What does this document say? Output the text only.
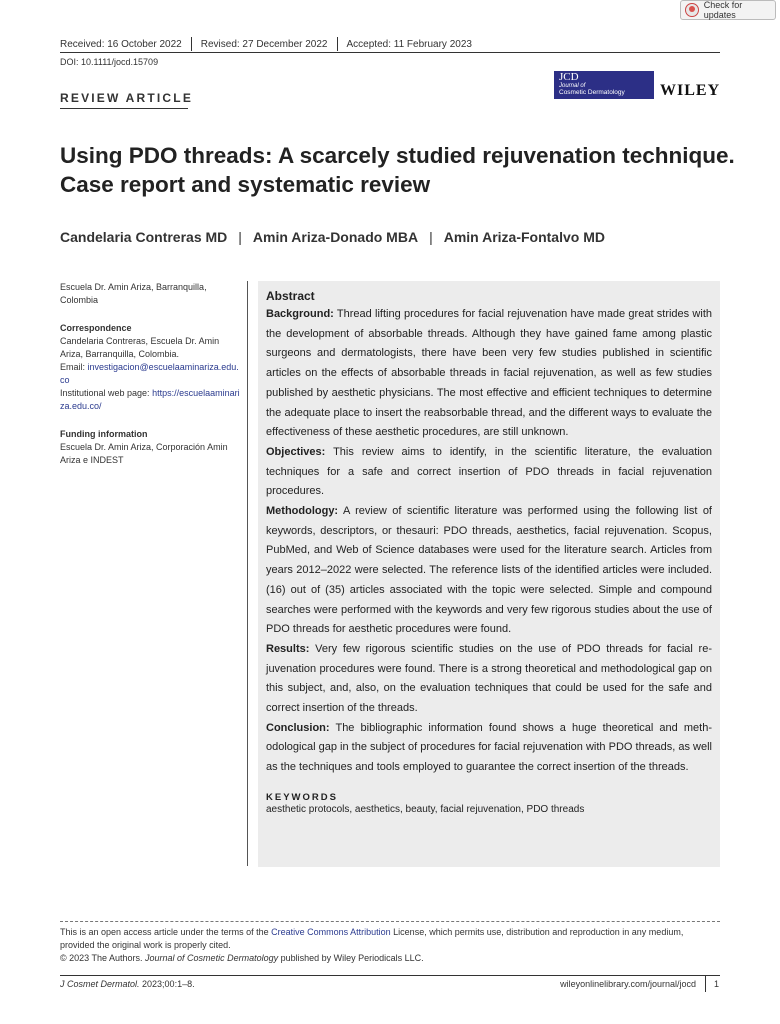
Check for updates
Received: 16 October 2022 Revised: 27 December 2022 Accepted: 11 February 2023
DOI: 10.1111/jocd.15709
REVIEW ARTICLE
JCD
Journal of
Cosmetic Dermatology	WILEY
Using PDO threads: A scarcely studied rejuvenation technique.
Case report and systematic review
Candelaria Contreras MD | Amin Ariza-Donado MBA | Amin Ariza-Fontalvo MD

Escuela Dr. Amin Ariza, Barranquilla, Colombia

Correspondence

Candelaria Contreras, Escuela Dr. Amin Ariza, Barranquilla, Colombia.

Email: investigacion@escuelaaminariza.edu.co

Institutional web page: https://escuelaaminariza.edu.co/

Funding information

Escuela Dr. Amin Ariza, Corporación Amin Ariza e INDEST

Abstract

Background: Thread lifting procedures for facial rejuvenation have made great strides with the development of absorbable threads. Although they have gained fame among plastic surgeons and dermatologists, there have been very few studies published in scientific articles on the effects of absorbable threads in facial rejuvenation, as well as few studies published by aesthetic physicians. The most effective and efficient techniques to determine the adequate place to insert the reabsorbable thread, and the different ways to evaluate the effectiveness of these aesthetic procedures, are still unknown.

Objectives: This review aims to identify, in the scientific literature, the evaluation techniques for a safe and correct insertion of PDO threads in facial rejuvenation procedures.

Methodology: A review of scientific literature was performed using the following list of keywords, descriptors, or thesauri: PDO threads, aesthetics, facial rejuvenation. Scopus, PubMed, and Web of Science databases were used for the literature search. Articles from years 2012–2022 were selected. The reference lists of the identified articles were included. (16) out of (35) articles associated with the topic were selected. Simple and compound searches were performed with the keywords and very few rigorous studies about the use of PDO threads for aesthetic procedures were found.

Results: Very few rigorous scientific studies on the use of PDO threads for facial re-juvenation procedures were found. There is a strong theoretical and methodological gap on this subject, and, also, on the evaluation techniques that could be used for the safe and correct insertion of the threads.

Conclusion: The bibliographic information found shows a huge theoretical and meth-odological gap in the subject of procedures for facial rejuvenation with PDO threads, as well as the techniques and tools employed to guarantee the correct insertion of the threads.

KEYWORDS
aesthetic protocols, aesthetics, beauty, facial rejuvenation, PDO threads
This is an open access article under the terms of the Creative Commons Attribution License, which permits use, distribution and reproduction in any medium, provided the original work is properly cited.
© 2023 The Authors. Journal of Cosmetic Dermatology published by Wiley Periodicals LLC.
J Cosmet Dermatol. 2023;00:1–8.	wileyonlinelibrary.com/journal/jocd 1
